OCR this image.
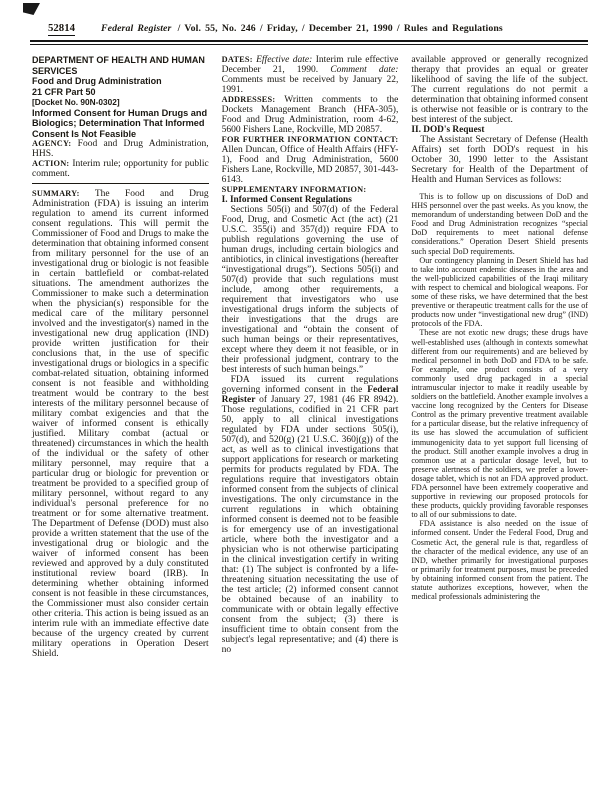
52814	Federal Register / Vol. 55, No. 246 / Friday, / December 21, 1990 / Rules and Regulations

DEPARTMENT OF HEALTH AND HUMAN SERVICES

Food and Drug Administration

21 CFR Part 50

[Docket No. 90N-0302]

Informed Consent for Human Drugs and Biologics; Determination That Informed Consent Is Not Feasible

AGENCY: Food and Drug Administration, HHS.

ACTION: Interim rule; opportunity for public comment.

SUMMARY: The Food and Drug Administration (FDA) is issuing an interim regulation to amend its current informed consent regulations. This will permit the Commissioner of Food and Drugs to make the determination that obtaining informed consent from military personnel for the use of an investigational drug or biologic is not feasible in certain battlefield or combat-related situations. The amendment authorizes the Commissioner to make such a determination when the physician(s) responsible for the medical care of the military personnel involved and the investigator(s) named in the investigational new drug application (IND) provide written justification for their conclusions that, in the use of specific investigational drugs or biologics in a specific combat-related situation, obtaining informed consent is not feasible and withholding treatment would be contrary to the best interests of the military personnel because of military combat exigencies and that the waiver of informed consent is ethically justified. Military combat (actual or threatened) circumstances in which the health of the individual or the safety of other military personnel, may require that a particular drug or biologic for prevention or treatment be provided to a specified group of military personnel, without regard to any individual's personal preference for no treatment or for some alternative treatment. The Department of Defense (DOD) must also provide a written statement that the use of the investigational drug or biologic and the waiver of informed consent has been reviewed and approved by a duly constituted institutional review board (IRB). In determining whether obtaining informed consent is not feasible in these circumstances, the Commissioner must also consider certain other criteria. This action is being issued as an interim rule with an immediate effective date because of the urgency created by current military operations in Operation Desert Shield.

DATES: Effective date: Interim rule effective December 21, 1990. Comment date: Comments must be received by January 22, 1991.

ADDRESSES: Written comments to the Dockets Management Branch (HFA-305), Food and Drug Administration, room 4-62, 5600 Fishers Lane, Rockville, MD 20857.

FOR FURTHER INFORMATION CONTACT: Allen Duncan, Office of Health Affairs (HFY-1), Food and Drug Administration, 5600 Fishers Lane, Rockville, MD 20857, 301-443-6143.

SUPPLEMENTARY INFORMATION:

I. Informed Consent Regulations

Sections 505(i) and 507(d) of the Federal Food, Drug, and Cosmetic Act (the act) (21 U.S.C. 355(i) and 357(d)) require FDA to publish regulations governing the use of human drugs, including certain biologics and antibiotics, in clinical investigations (hereafter “investigational drugs”). Sections 505(i) and 507(d) provide that such regulations must include, among other requirements, a requirement that investigators who use investigational drugs inform the subjects of their investigations that the drugs are investigational and “obtain the consent of such human beings or their representatives, except where they deem it not feasible, or in their professional judgment, contrary to the best interests of such human beings.”

FDA issued its current regulations governing informed consent in the Federal Register of January 27, 1981 (46 FR 8942). Those regulations, codified in 21 CFR part 50, apply to all clinical investigations regulated by FDA under sections 505(i), 507(d), and 520(g) (21 U.S.C. 360j(g)) of the act, as well as to clinical investigations that support applications for research or marketing permits for products regulated by FDA. The regulations require that investigators obtain informed consent from the subjects of clinical investigations. The only circumstance in the current regulations in which obtaining informed consent is deemed not to be feasible is for emergency use of an investigational article, where both the investigator and a physician who is not otherwise participating in the clinical investigation certify in writing that: (1) The subject is confronted by a life-threatening situation necessitating the use of the test article; (2) informed consent cannot be obtained because of an inability to communicate with or obtain legally effective consent from the subject; (3) there is insufficient time to obtain consent from the subject's legal representative; and (4) there is no

available approved or generally recognized therapy that provides an equal or greater likelihood of saving the life of the subject. The current regulations do not permit a determination that obtaining informed consent is otherwise not feasible or is contrary to the best interest of the subject.

II. DOD's Request

The Assistant Secretary of Defense (Health Affairs) set forth DOD's request in his October 30, 1990 letter to the Assistant Secretary for Health of the Department of Health and Human Services as follows:

This is to follow up on discussions of DoD and HHS personnel over the past weeks. As you know, the memorandum of understanding between DoD and the Food and Drug Administration recognizes “special DoD requirements to meet national defense considerations.” Operation Desert Shield presents such special DoD requirements.

Our contingency planning in Desert Shield has had to take into account endemic diseases in the area and the well-publicized capabilities of the Iraqi military with respect to chemical and biological weapons. For some of these risks, we have determined that the best preventive or therapeutic treatment calls for the use of products now under “investigational new drug” (IND) protocols of the FDA.

These are not exotic new drugs; these drugs have well-established uses (although in contexts somewhat different from our requirements) and are believed by medical personnel in both DoD and FDA to be safe. For example, one product consists of a very commonly used drug packaged in a special intramuscular injector to make it readily useable by soldiers on the battlefield. Another example involves a vaccine long recognized by the Centers for Disease Control as the primary preventive treatment available for a particular disease, but the relative infrequency of its use has slowed the accumulation of sufficient immunogenicity data to yet support full licensing of the product. Still another example involves a drug in common use at a particular dosage level, but to preserve alertness of the soldiers, we prefer a lower-dosage tablet, which is not an FDA approved product. FDA personnel have been extremely cooperative and supportive in reviewing our proposed protocols for these products, quickly providing favorable responses to all of our submissions to date.

FDA assistance is also needed on the issue of informed consent. Under the Federal Food, Drug and Cosmetic Act, the general rule is that, regardless of the character of the medical evidence, any use of an IND, whether primarily for investigational purposes or primarily for treatment purposes, must be preceded by obtaining informed consent from the patient. The statute authorizes exceptions, however, when the medical professionals administering the
